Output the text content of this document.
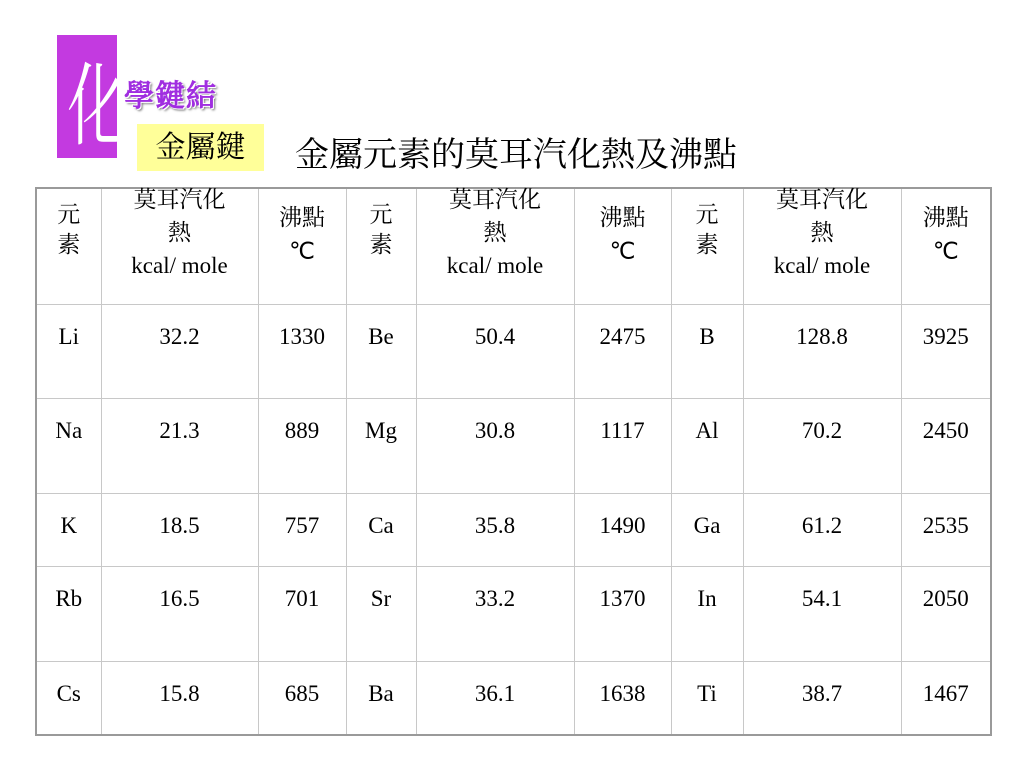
化
學鍵結
金屬鍵	金屬元素的莫耳汽化熱及沸點
元
素	莫耳汽化
熱
kcal/ mole	沸點
℃	元
素	莫耳汽化
熱
kcal/ mole	沸點
℃	元
素	莫耳汽化
熱
kcal/ mole	沸點
℃

Li	32.2	1330	Be	50.4	2475	B	128.8	3925
Na	21.3	889	Mg	30.8	1117	Al	70.2	2450
K	18.5	757	Ca	35.8	1490	Ga	61.2	2535
Rb	16.5	701	Sr	33.2	1370	In	54.1	2050
Cs	15.8	685	Ba	36.1	1638	Ti	38.7	1467
